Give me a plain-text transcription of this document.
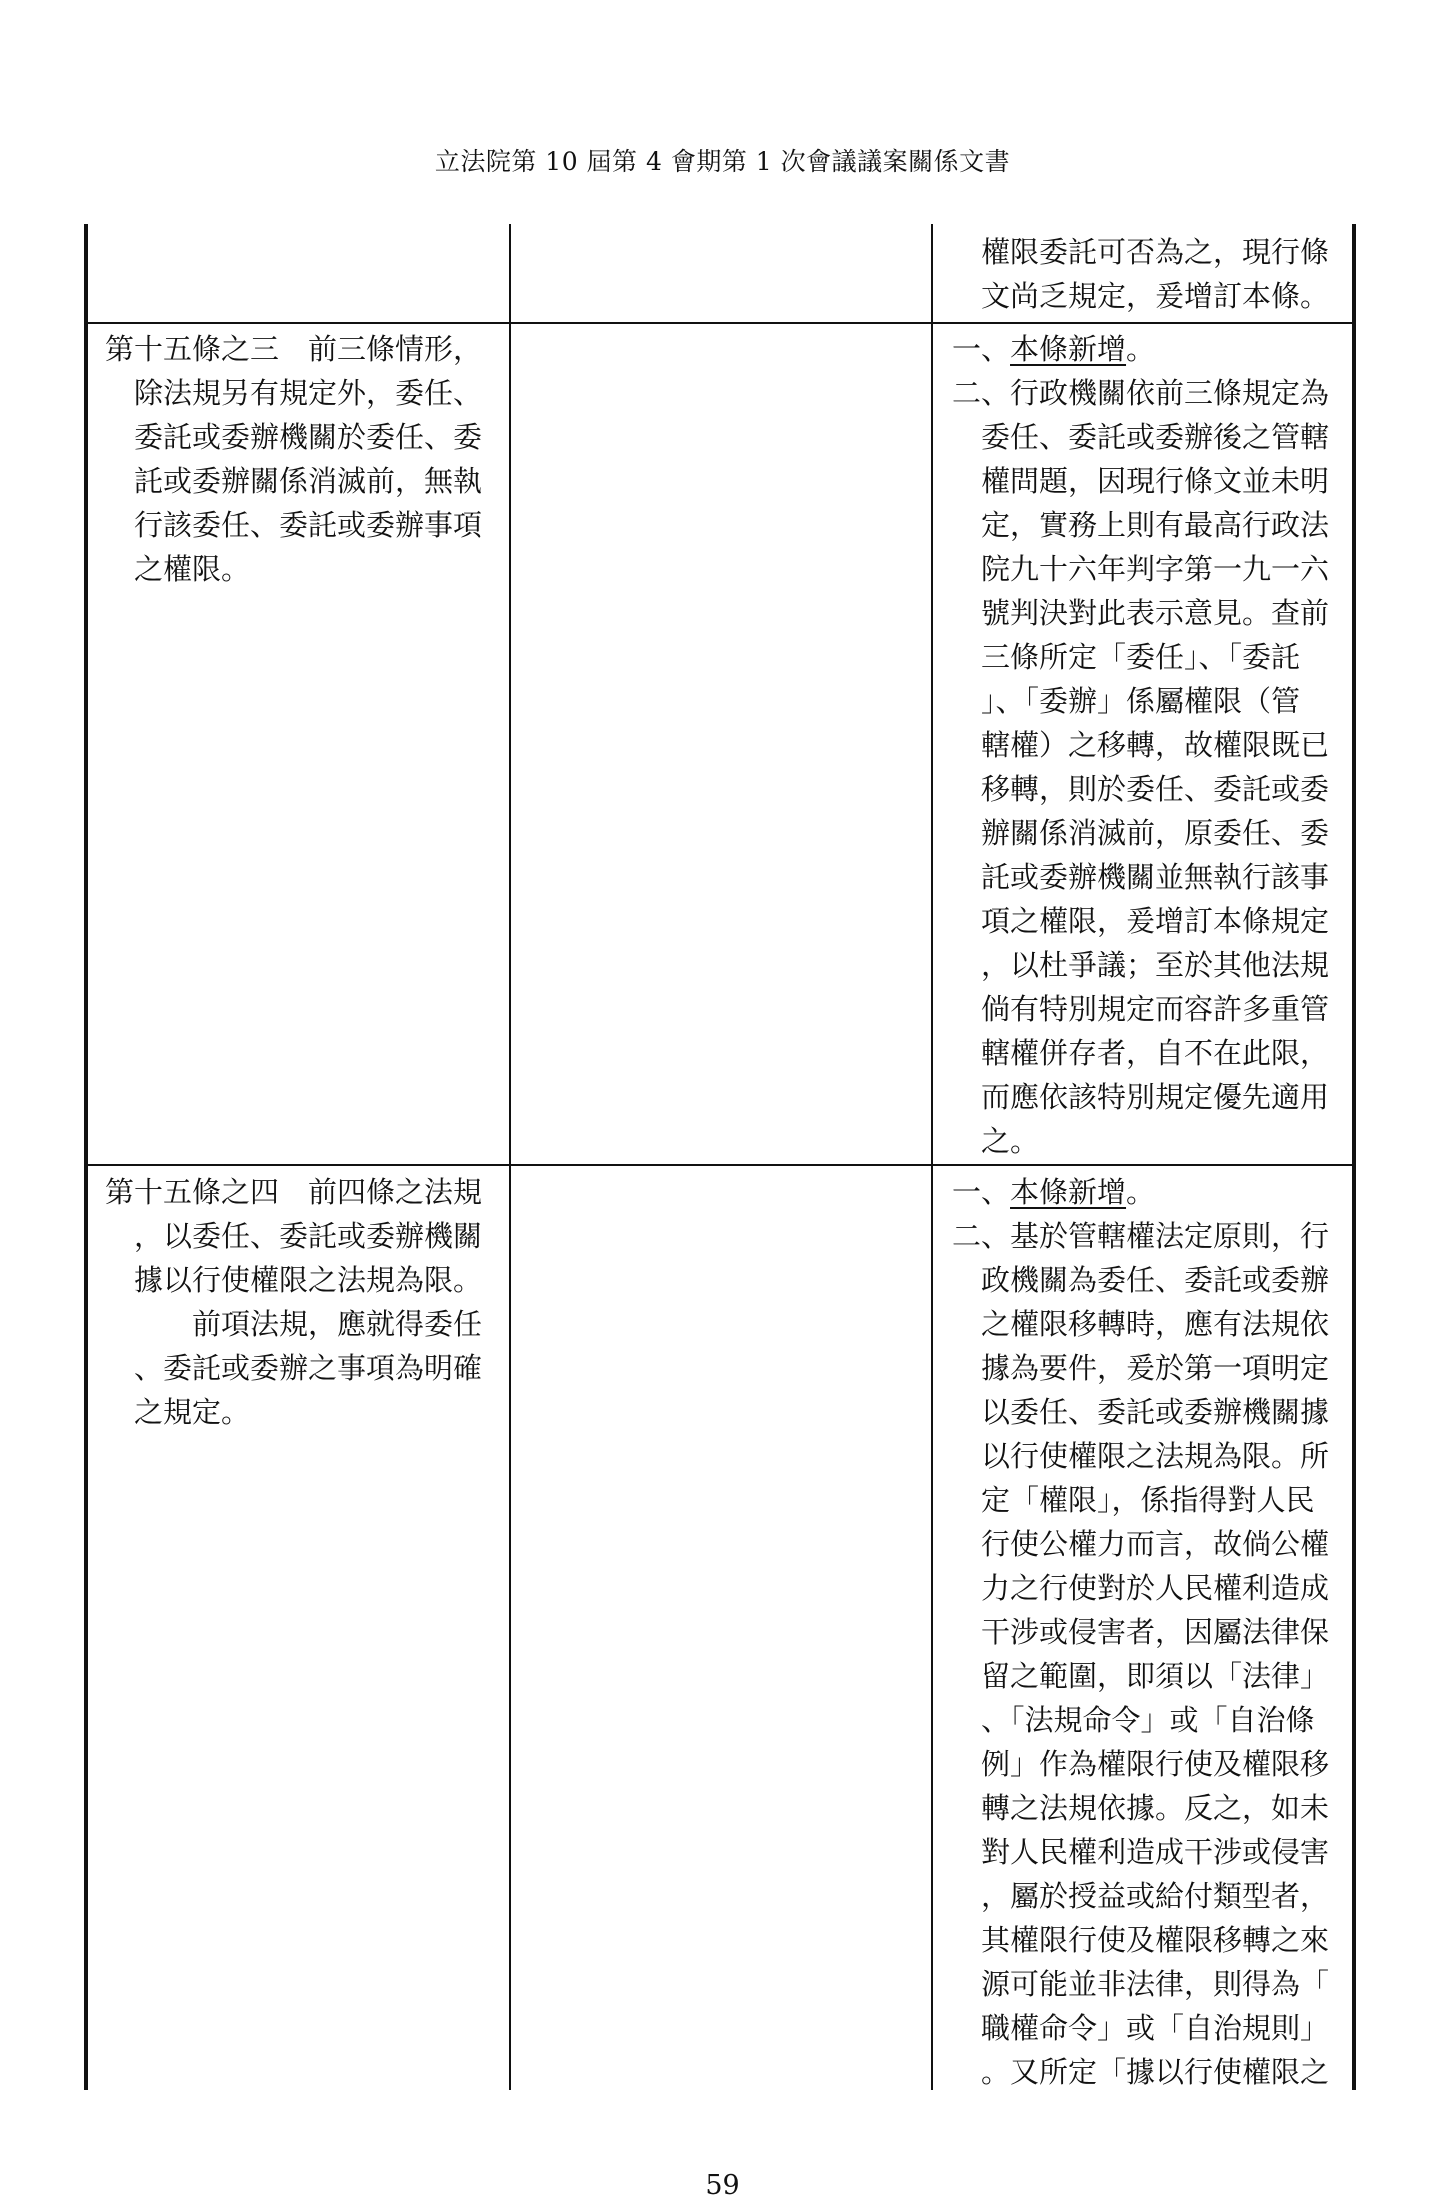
立法院第 10 屆第 4 會期第 1 次會議議案關係文書
59
權限委託可否為之，現行條
文尚乏規定，爰增訂本條。
第十五條之三　前三條情形，
除法規另有規定外，委任、
委託或委辦機關於委任、委
託或委辦關係消滅前，無執
行該委任、委託或委辦事項
之權限。
一、本條新增。
二、行政機關依前三條規定為
委任、委託或委辦後之管轄
權問題，因現行條文並未明
定，實務上則有最高行政法
院九十六年判字第一九一六
號判決對此表示意見。查前
三條所定「委任」、「委託
」、「委辦」係屬權限（管
轄權）之移轉，故權限既已
移轉，則於委任、委託或委
辦關係消滅前，原委任、委
託或委辦機關並無執行該事
項之權限，爰增訂本條規定
，以杜爭議；至於其他法規
倘有特別規定而容許多重管
轄權併存者，自不在此限，
而應依該特別規定優先適用
之。
第十五條之四　前四條之法規
，以委任、委託或委辦機關
據以行使權限之法規為限。
前項法規，應就得委任
、委託或委辦之事項為明確
之規定。
一、本條新增。
二、基於管轄權法定原則，行
政機關為委任、委託或委辦
之權限移轉時，應有法規依
據為要件，爰於第一項明定
以委任、委託或委辦機關據
以行使權限之法規為限。所
定「權限」，係指得對人民
行使公權力而言，故倘公權
力之行使對於人民權利造成
干涉或侵害者，因屬法律保
留之範圍，即須以「法律」
、「法規命令」或「自治條
例」作為權限行使及權限移
轉之法規依據。反之，如未
對人民權利造成干涉或侵害
，屬於授益或給付類型者，
其權限行使及權限移轉之來
源可能並非法律，則得為「
職權命令」或「自治規則」
。又所定「據以行使權限之
